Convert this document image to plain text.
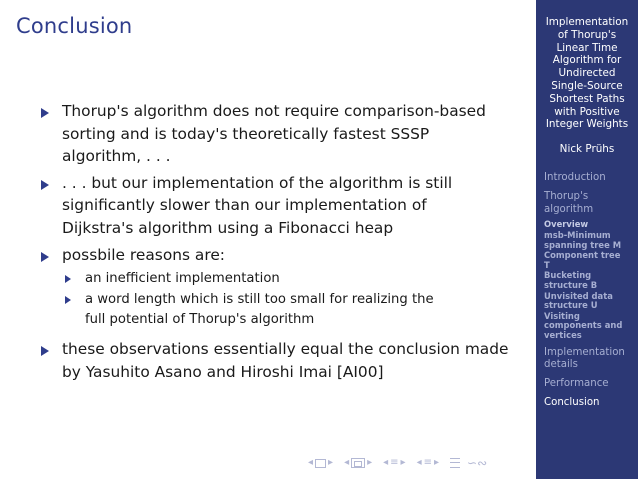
Conclusion
Thorup's algorithm does not require comparison-based
sorting and is today's theoretically fastest SSSP
algorithm, . . .
. . . but our implementation of the algorithm is still
significantly slower than our implementation of
Dijkstra's algorithm using a Fibonacci heap
possbile reasons are:
an inefficient implementation
a word length which is still too small for realizing the
full potential of Thorup's algorithm
these observations essentially equal the conclusion made
by Yasuhito Asano and Hiroshi Imai [AI00]
◂ ▸ ◂ ▸ ◂ ≡ ▸ ◂ ≡ ▸ ∽∾
Implementation
of Thorup's
Linear Time
Algorithm for
Undirected
Single-Source
Shortest Paths
with Positive
Integer Weights
Nick Prühs
Introduction
Thorup's
algorithm
Overview
msb-Minimum
spanning tree M
Component tree
T
Bucketing
structure B
Unvisited data
structure U
Visiting
components and
vertices
Implementation
details
Performance
Conclusion
